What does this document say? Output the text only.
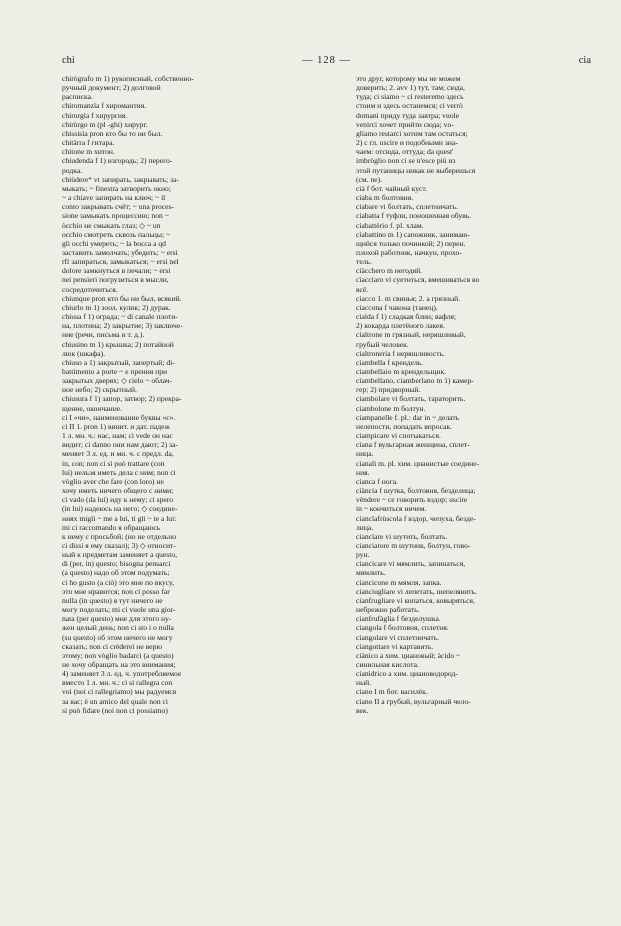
chi	— 128 —	cia

chirògrafo m 1) рукописный, собственно-

ручный документ; 2) долговой

расписка.

chiromanzìa f хиромантия.

chirurgìa f хирургия.

chirùrgo m (pl -ghi) хирург.

chissisìa pron кто бы то ни был.

chitàrra f гитара.

chitone m хитон.

chiudenda f 1) изгородь; 2) перего-

родка.

chiùdere* vt запирать, закрывать; за-

мыкать; ~ finestra затворить окно;

~ a chiave запирать на ключ; ~ il

conto закрывать счёт; ~ una proces-

sione замыкать процессию; non ~

òcchio не смыкать глаз; ◇ ~ un

occhio смотреть сквозь пальцы; ~

gli occhi умереть; ~ la bocca a qd

заставить замолчать; убедить; ~ ersi

rfl запираться, замыкаться; ~ ersi nel

dolore замкнуться в печали; ~ ersi

nei pensieri погрузиться в мысли,

сосредоточиться.

chiunque pron кто бы ни был, всякий.

chiurlo m 1) зоол. кулик; 2) дурак.

chiusa f 1) ограда; ~ di canale плоти-

на, плотина; 2) закрытие; 3) заключе-

ние (речи, письма и т. д.).

chiusino m 1) крышка; 2) потайной

люк (шкафа).

chiuso a 1) закрытый, запертый; di-

battimento a porte ~ e прения при

закрытых дверях; ◇ cielo ~ облач-

ное небо; 2) скрытный.

chiusura f 1) запор, затвор; 2) прекра-

щение, окончание.

ci I «чи», наименование буквы «с».

ci II 1. pron 1) винит. и дат. падеж

1 л. мн. ч.: нас, нам; ci vede он нас

видит; ci danno они нам дают; 2) за-

меняет 3 л. ед. и мн. ч. с предл. da,

in, con; non ci sì può trattare (con

lui) нельзя иметь дела с ним; non ci

vòglio aver che fare (con loro) не

хочу иметь ничего общего с ними;

ci vado (da lui) иду к нему; ci spero

(in lui) надеюсь на него; ◇ соедине-

ниях migli ~ me a lui, ti gli ~ te a lui:

mi ci raccomando я обращаюсь

к нему с просьбой; (но не отдельно

ci dissi я ему сказал); 3) ◇ относит-

ный к предметам заменяет a questo,

di (per, in) questo; bisogna pensarci

(a questo) надо об этом подумать;

ci ho gusto (a ciò) это мне по вкусу,

это мне нравится; non ci posso far

nulla (in questo) я тут ничего не

могу поделать; mi ci vuole una gior-

nata (per questo) мне для этого ну-

жен целый день; non ci sto i o nulla

(su questo) об этом ничего не могу

сказать; non ci crèderei не верю

этому; non vòglio badarci (a questo)

не хочу обращать на это внимания;

4) заменяет 3 л. ед. ч. употребляемое

вместо 1 л. мн. ч.: ci si rallegra con

voi (noi ci rallegriamo) мы радуемся

за вас; è un amico del quale non ci

si può fidare (noi non ci possiamo)

это друг, которому мы не можем

доверить; 2. avv 1) тут, там; сюда,

туда; ci siamo ~ ci resteremo здесь

стоим и здесь останемся; ci verrò

domani приду туда завтра; vuole

venirci хочет прийти сюда; vo-

gliamo restarci хотим там остаться;

2) с гл. uscire и подобными зна-

чаем: отсюда, оттуда; da quest'

imbròglio non ci se n'esce più из

этой путаницы никак не выберешься

(см. ne).

cià f бот. чайный куст.

ciaba m болтовня.

ciabare vi болтать, сплетничать.

ciabatta f туфли, поношенная обувь.

ciabattèrio f. pl. хлам.

ciabattino m 1) сапожник, занимаю-

щийся только починкой; 2) перен.

плохой работник, начкун, прохо-

тель.

ciàcchero m негодяй.

cìacciaro vi суетиться, вмешиваться во

всё.

ciacco 1. m свинья; 2. a грязный.

ciaccona f чакона (танец).

cialda f 1) сладкая блин; вафля;

2) кокарда плетёного лакея.

cialtrone m грязный, неряшливый,

грубый человек.

cialtroneria f неряшливость.

ciambella f крендель.

ciambellaio m крендельщик.

ciambellano, ciamberlano m 1) камер-

гер; 2) придворный.

ciambolare vi болтать, тараторить.

ciambolone m болтун.

ciampanelle f. pl.: dar in ~ делать

нелепости, попадать впросак.

ciampicare vi спотыкаться.

ciana f вульгарная женщина, сплет-

ница.

cianali m. pl. хим. цианистые соедине-

ния.

cianca f нога.

ciància f шутка, болтовня, безделица;

vèndere ~ ce говорить вздор; uscire

in ~ кончиться ничем.

ciancïafrùscola f вздор, чепуха, безде-

лица.

ciancïare vi шутить, болтать.

cianciatore m шутник, болтун, гово-

рун.

ciancicare vi мямлить, запинаться,

мямлить.

ciancicone m мямля, запка.

cianciugliare vi лепетать, шепелявить.

cianfrugliare vi копаться, ковыряться,

небрежно работать.

cianfrufàglia f безделушка.

ciangola f болтовня, сплетня.

ciangolare vi сплетничать.

ciangottare vi картавить.

ciànico a хим. циановый; àcido ~

синильная кислота.

cianìdrico a хим. циановодород-

ный.

ciano I m бот. василёк.

ciano II a грубый, вульгарный чело-

век.
